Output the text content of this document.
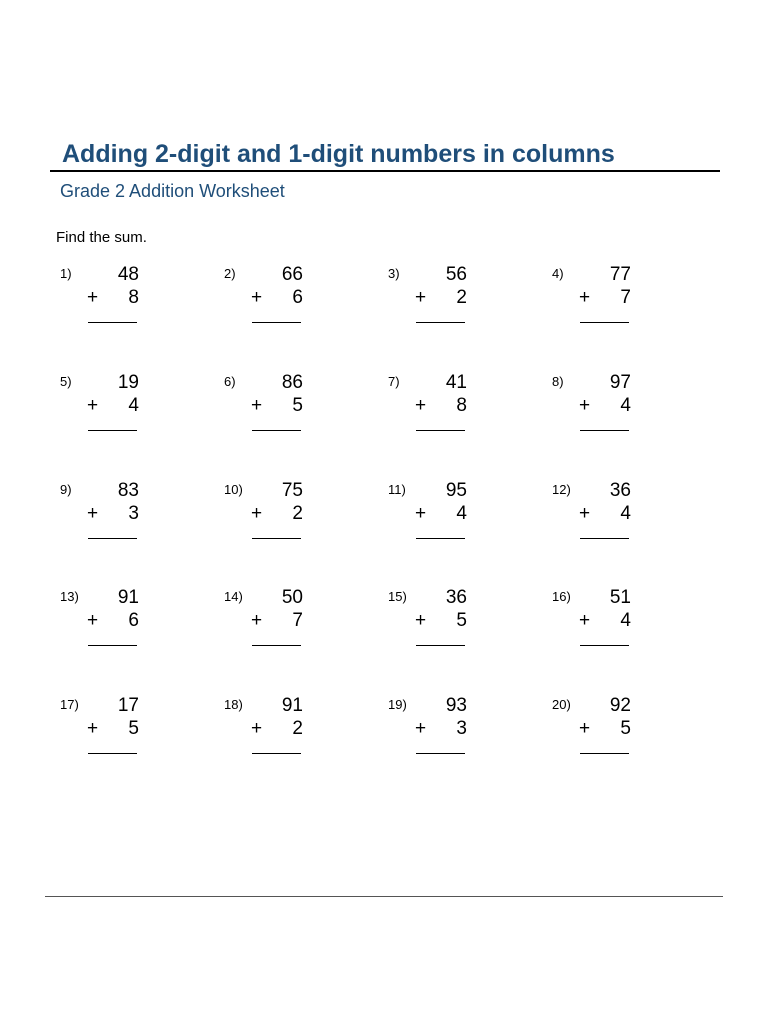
Adding 2-digit and 1-digit numbers in columns
Grade 2 Addition Worksheet
Find the sum.
1) 48
+ 8
2) 66
+ 6
3) 56
+ 2
4) 77
+ 7
5) 19
+ 4
6) 86
+ 5
7) 41
+ 8
8) 97
+ 4
9) 83
+ 3
10) 75
+ 2
11) 95
+ 4
12) 36
+ 4
13) 91
+ 6
14) 50
+ 7
15) 36
+ 5
16) 51
+ 4
17) 17
+ 5
18) 91
+ 2
19) 93
+ 3
20) 92
+ 5
